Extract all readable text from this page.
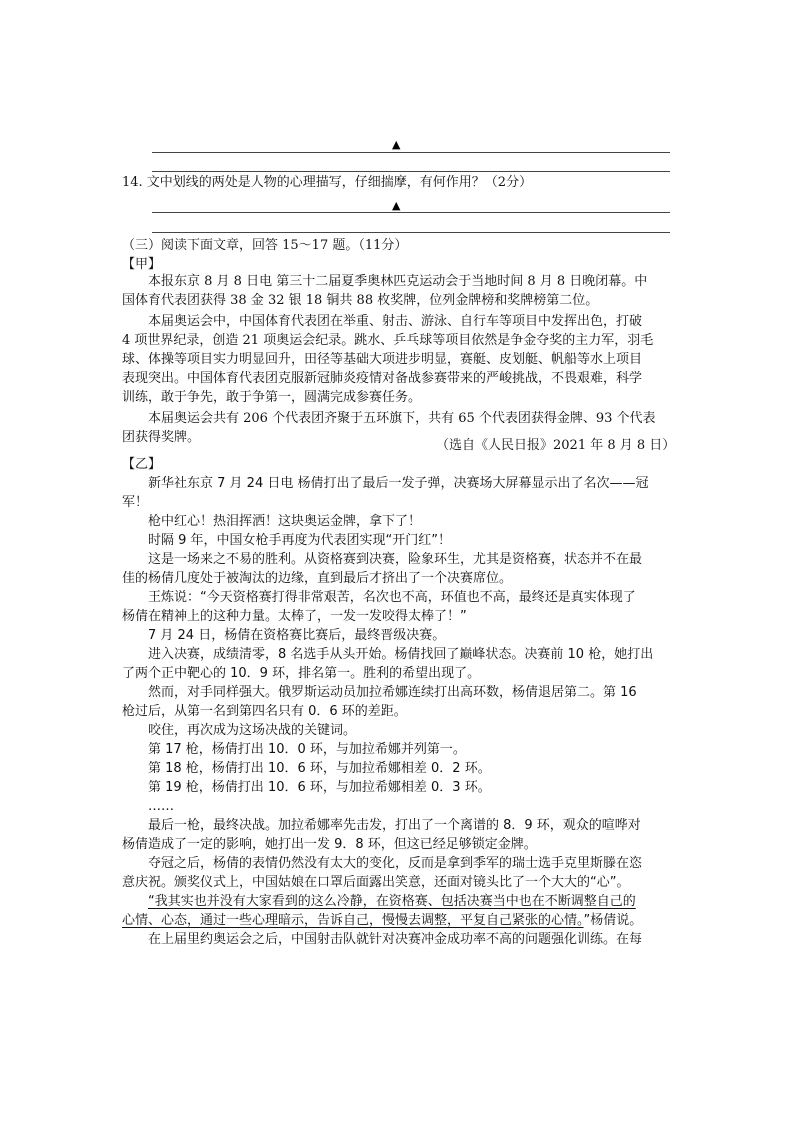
▲
14. 文中划线的两处是人物的心理描写，仔细揣摩，有何作用？（2分）
▲
（三）阅读下面文章，回答 15～17 题。（11分）
【甲】
本报东京 8 月 8 日电 第三十二届夏季奥林匹克运动会于当地时间 8 月 8 日晚闭幕。中
国体育代表团获得 38 金 32 银 18 铜共 88 枚奖牌，位列金牌榜和奖牌榜第二位。
本届奥运会中，中国体育代表团在举重、射击、游泳、自行车等项目中发挥出色，打破
4 项世界纪录，创造 21 项奥运会纪录。跳水、乒乓球等项目依然是争金夺奖的主力军，羽毛
球、体操等项目实力明显回升，田径等基础大项进步明显，赛艇、皮划艇、帆船等水上项目
表现突出。中国体育代表团克服新冠肺炎疫情对备战参赛带来的严峻挑战，不畏艰难，科学
训练，敢于争先，敢于争第一，圆满完成参赛任务。
本届奥运会共有 206 个代表团齐聚于五环旗下，共有 65 个代表团获得金牌、93 个代表
团获得奖牌。
（选自《人民日报》2021 年 8 月 8 日）
【乙】
新华社东京 7 月 24 日电 杨倩打出了最后一发子弹，决赛场大屏幕显示出了名次——冠
军！
枪中红心！热泪挥洒！这块奥运金牌，拿下了！
时隔 9 年，中国女枪手再度为代表团实现“开门红”！
这是一场来之不易的胜利。从资格赛到决赛，险象环生，尤其是资格赛，状态并不在最
佳的杨倩几度处于被淘汰的边缘，直到最后才挤出了一个决赛席位。
王炼说：“今天资格赛打得非常艰苦，名次也不高，环值也不高，最终还是真实体现了
杨倩在精神上的这种力量。太棒了，一发一发咬得太棒了！”
7 月 24 日，杨倩在资格赛比赛后，最终晋级决赛。
进入决赛，成绩清零，8 名选手从头开始。杨倩找回了巅峰状态。决赛前 10 枪，她打出
了两个正中靶心的 10．9 环，排名第一。胜利的希望出现了。
然而，对手同样强大。俄罗斯运动员加拉希娜连续打出高环数，杨倩退居第二。第 16
枪过后，从第一名到第四名只有 0．6 环的差距。
咬住，再次成为这场决战的关键词。
第 17 枪，杨倩打出 10．0 环，与加拉希娜并列第一。
第 18 枪，杨倩打出 10．6 环，与加拉希娜相差 0．2 环。
第 19 枪，杨倩打出 10．6 环，与加拉希娜相差 0．3 环。
……
最后一枪，最终决战。加拉希娜率先击发，打出了一个离谱的 8．9 环，观众的喧哗对
杨倩造成了一定的影响，她打出一发 9．8 环，但这已经足够锁定金牌。
夺冠之后，杨倩的表情仍然没有太大的变化，反而是拿到季军的瑞士选手克里斯滕在恣
意庆祝。颁奖仪式上，中国姑娘在口罩后面露出笑意，还面对镜头比了一个大大的“心”。
“我其实也并没有大家看到的这么冷静，在资格赛、包括决赛当中也在不断调整自己的
心情、心态，通过一些心理暗示，告诉自己，慢慢去调整，平复自己紧张的心情。”杨倩说。
在上届里约奥运会之后，中国射击队就针对决赛冲金成功率不高的问题强化训练。在每
